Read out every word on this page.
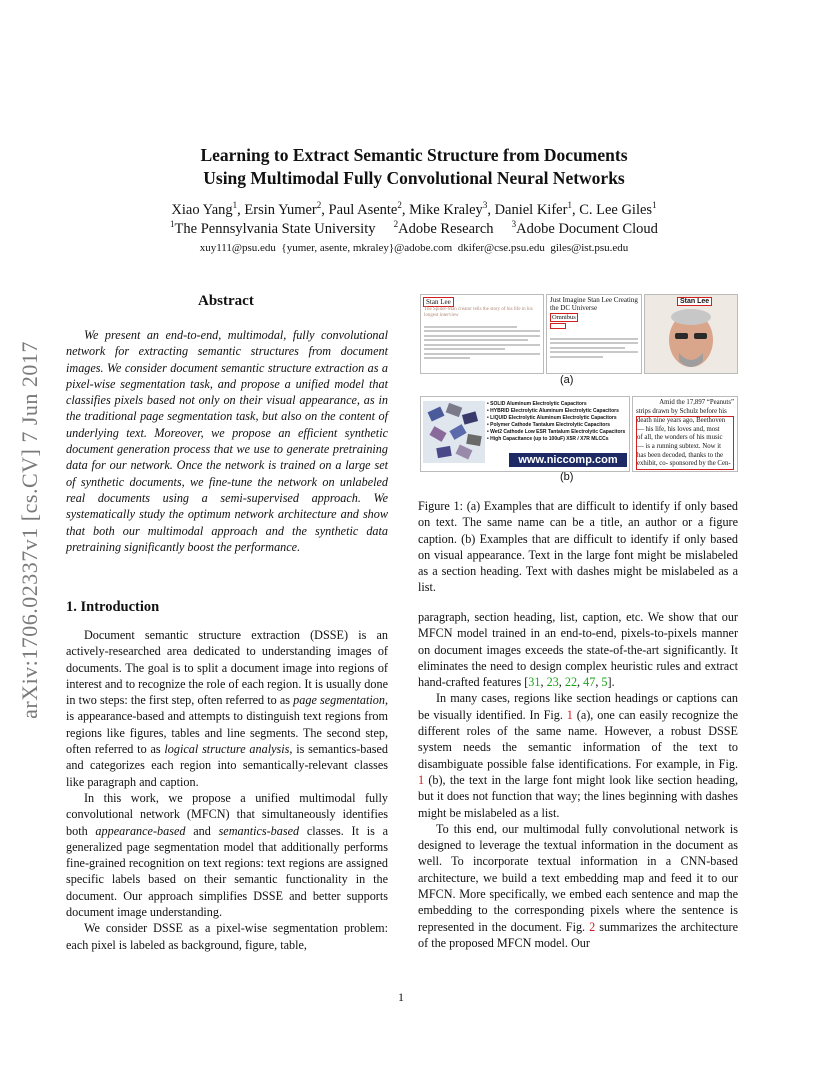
arXiv:1706.02337v1 [cs.CV] 7 Jun 2017
Learning to Extract Semantic Structure from Documents
Using Multimodal Fully Convolutional Neural Networks
Xiao Yang$^1$, Ersin Yumer$^2$, Paul Asente$^2$, Mike Kraley$^3$, Daniel Kifer$^1$, C. Lee Giles$^1$
$^1$The Pennsylvania State University $^2$Adobe Research $^3$Adobe Document Cloud
xuy111@psu.edu  {yumer, asente, mkraley}@adobe.com  dkifer@cse.psu.edu  giles@ist.psu.edu
Abstract

We present an end-to-end, multimodal, fully convolutional network for extracting semantic structures from document images. We consider document semantic structure extraction as a pixel-wise segmentation task, and propose a unified model that classifies pixels based not only on their visual appearance, as in the traditional page segmentation task, but also on the content of underlying text. Moreover, we propose an efficient synthetic document generation process that we use to generate pretraining data for our network. Once the network is trained on a large set of synthetic documents, we fine-tune the network on unlabeled real documents using a semi-supervised approach. We systematically study the optimum network architecture and show that both our multimodal approach and the synthetic data pretraining significantly boost the performance.

1. Introduction

Document semantic structure extraction (DSSE) is an actively-researched area dedicated to understanding images of documents. The goal is to split a document image into regions of interest and to recognize the role of each region. It is usually done in two steps: the first step, often referred to as page segmentation, is appearance-based and attempts to distinguish text regions from regions like figures, tables and line segments. The second step, often referred to as logical structure analysis, is semantics-based and categorizes each region into semantically-relevant classes like paragraph and caption.

In this work, we propose a unified multimodal fully convolutional network (MFCN) that simultaneously identifies both appearance-based and semantics-based classes. It is a generalized page segmentation model that additionally performs fine-grained recognition on text regions: text regions are assigned specific labels based on their semantic functionality in the document. Our approach simplifies DSSE and better supports document image understanding.

We consider DSSE as a pixel-wise segmentation problem: each pixel is labeled as background, figure, table,

Stan Lee
The Spider-Man creator tells the story of his life in his longest interview
Just Imagine Stan Lee Creating the DC Universe
Omnibus
Stan Lee
(a)
• SOLID Aluminum Electrolytic Capacitors
• HYBRID Electrolytic Aluminum Electrolytic Capacitors
• LIQUID Electrolytic Aluminum Electrolytic Capacitors
• Polymer Cathode Tantalum Electrolytic Capacitors
• Wet2 Cathode Low ESR Tantalum Electrolytic Capacitors
• High Capacitance (up to 100uF) X5R / X7R MLCCs
www.niccomp.com
Amid the 17,897 “Peanuts”
strips drawn by Schulz before his
death nine years ago, Beethoven
— his life, his loves and, most
of all, the wonders of his music
— is a running subtext. Now it
has been decoded, thanks to the
exhibit, co- sponsored by the Cen-
(b)
Figure 1: (a) Examples that are difficult to identify if only based on text. The same name can be a title, an author or a figure caption. (b) Examples that are difficult to identify if only based on visual appearance. Text in the large font might be mislabeled as a section heading. Text with dashes might be mislabeled as a list.

paragraph, section heading, list, caption, etc. We show that our MFCN model trained in an end-to-end, pixels-to-pixels manner on document images exceeds the state-of-the-art significantly. It eliminates the need to design complex heuristic rules and extract hand-crafted features [31, 23, 22, 47, 5].

In many cases, regions like section headings or captions can be visually identified. In Fig. 1 (a), one can easily recognize the different roles of the same name. However, a robust DSSE system needs the semantic information of the text to disambiguate possible false identifications. For example, in Fig. 1 (b), the text in the large font might look like section heading, but it does not function that way; the lines beginning with dashes might be mislabeled as a list.

To this end, our multimodal fully convolutional network is designed to leverage the textual information in the document as well. To incorporate textual information in a CNN-based architecture, we build a text embedding map and feed it to our MFCN. More specifically, we embed each sentence and map the embedding to the corresponding pixels where the sentence is represented in the document. Fig. 2 summarizes the architecture of the proposed MFCN model. Our

1
